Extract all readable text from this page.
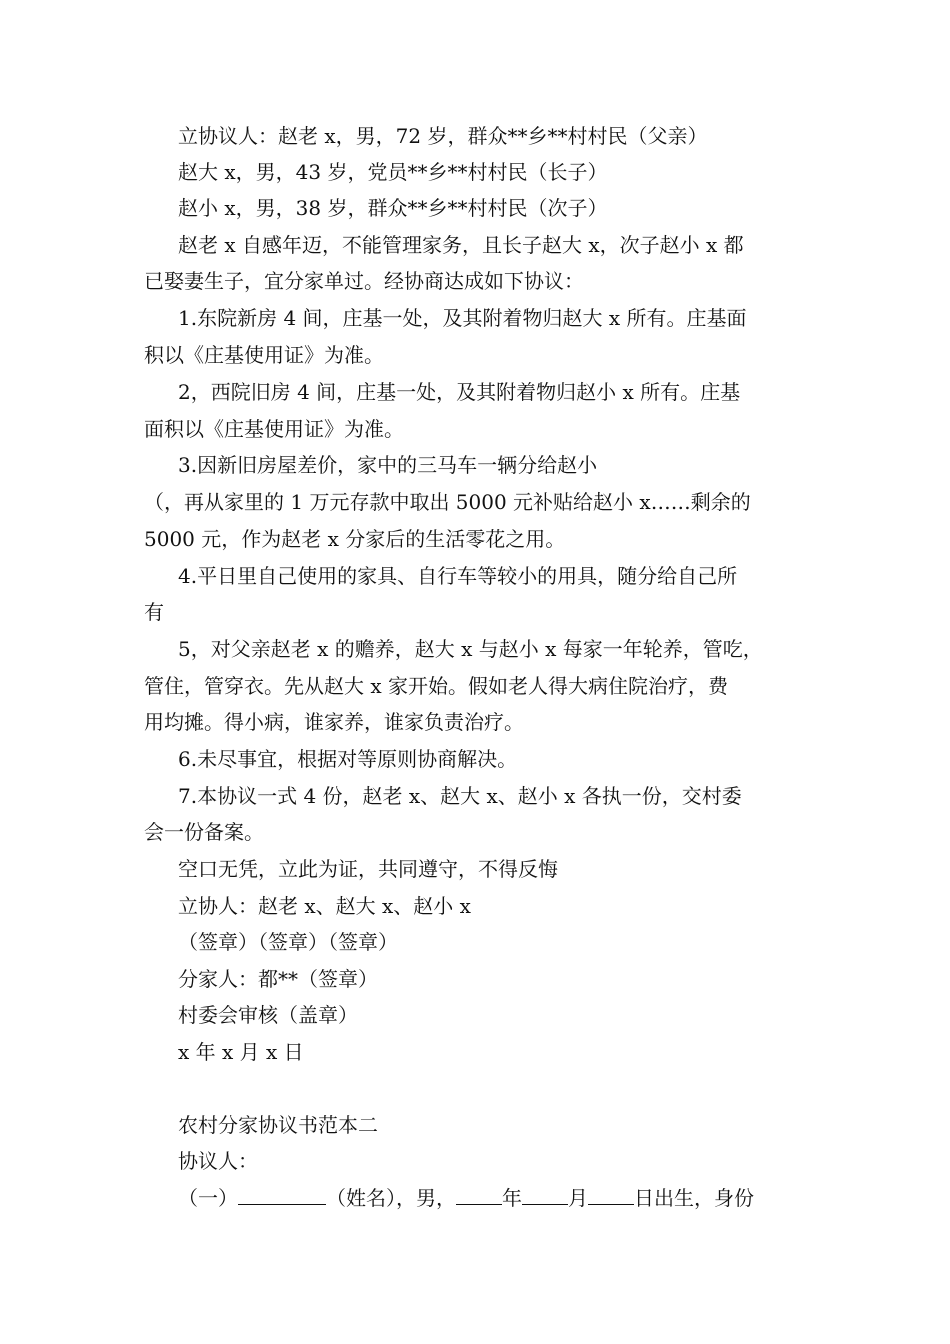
立协议人：赵老 x，男，72 岁，群众**乡**村村民（父亲）
赵大 x，男，43 岁，党员**乡**村村民（长子）
赵小 x，男，38 岁，群众**乡**村村民（次子）
赵老 x 自感年迈，不能管理家务，且长子赵大 x，次子赵小 x 都
已娶妻生子，宜分家单过。经协商达成如下协议：
1.东院新房 4 间，庄基一处，及其附着物归赵大 x 所有。庄基面
积以《庄基使用证》为准。
2，西院旧房 4 间，庄基一处，及其附着物归赵小 x 所有。庄基
面积以《庄基使用证》为准。
3.因新旧房屋差价，家中的三马车一辆分给赵小
（，再从家里的 1 万元存款中取出 5000 元补贴给赵小 x……剩余的
5000 元，作为赵老 x 分家后的生活零花之用。
4.平日里自己使用的家具、自行车等较小的用具，随分给自己所
有
5，对父亲赵老 x 的赡养，赵大 x 与赵小 x 每家一年轮养，管吃，
管住，管穿衣。先从赵大 x 家开始。假如老人得大病住院治疗，费
用均摊。得小病，谁家养，谁家负责治疗。
6.未尽事宜，根据对等原则协商解决。
7.本协议一式 4 份，赵老 x、赵大 x、赵小 x 各执一份，交村委
会一份备案。
空口无凭，立此为证，共同遵守，不得反悔
立协人：赵老 x、赵大 x、赵小 x
（签章）（签章）（签章）
分家人：都**（签章）
村委会审核（盖章）
x 年 x 月 x 日
农村分家协议书范本二
协议人：
（一）	（姓名），男， 年 月 日出生，身份
